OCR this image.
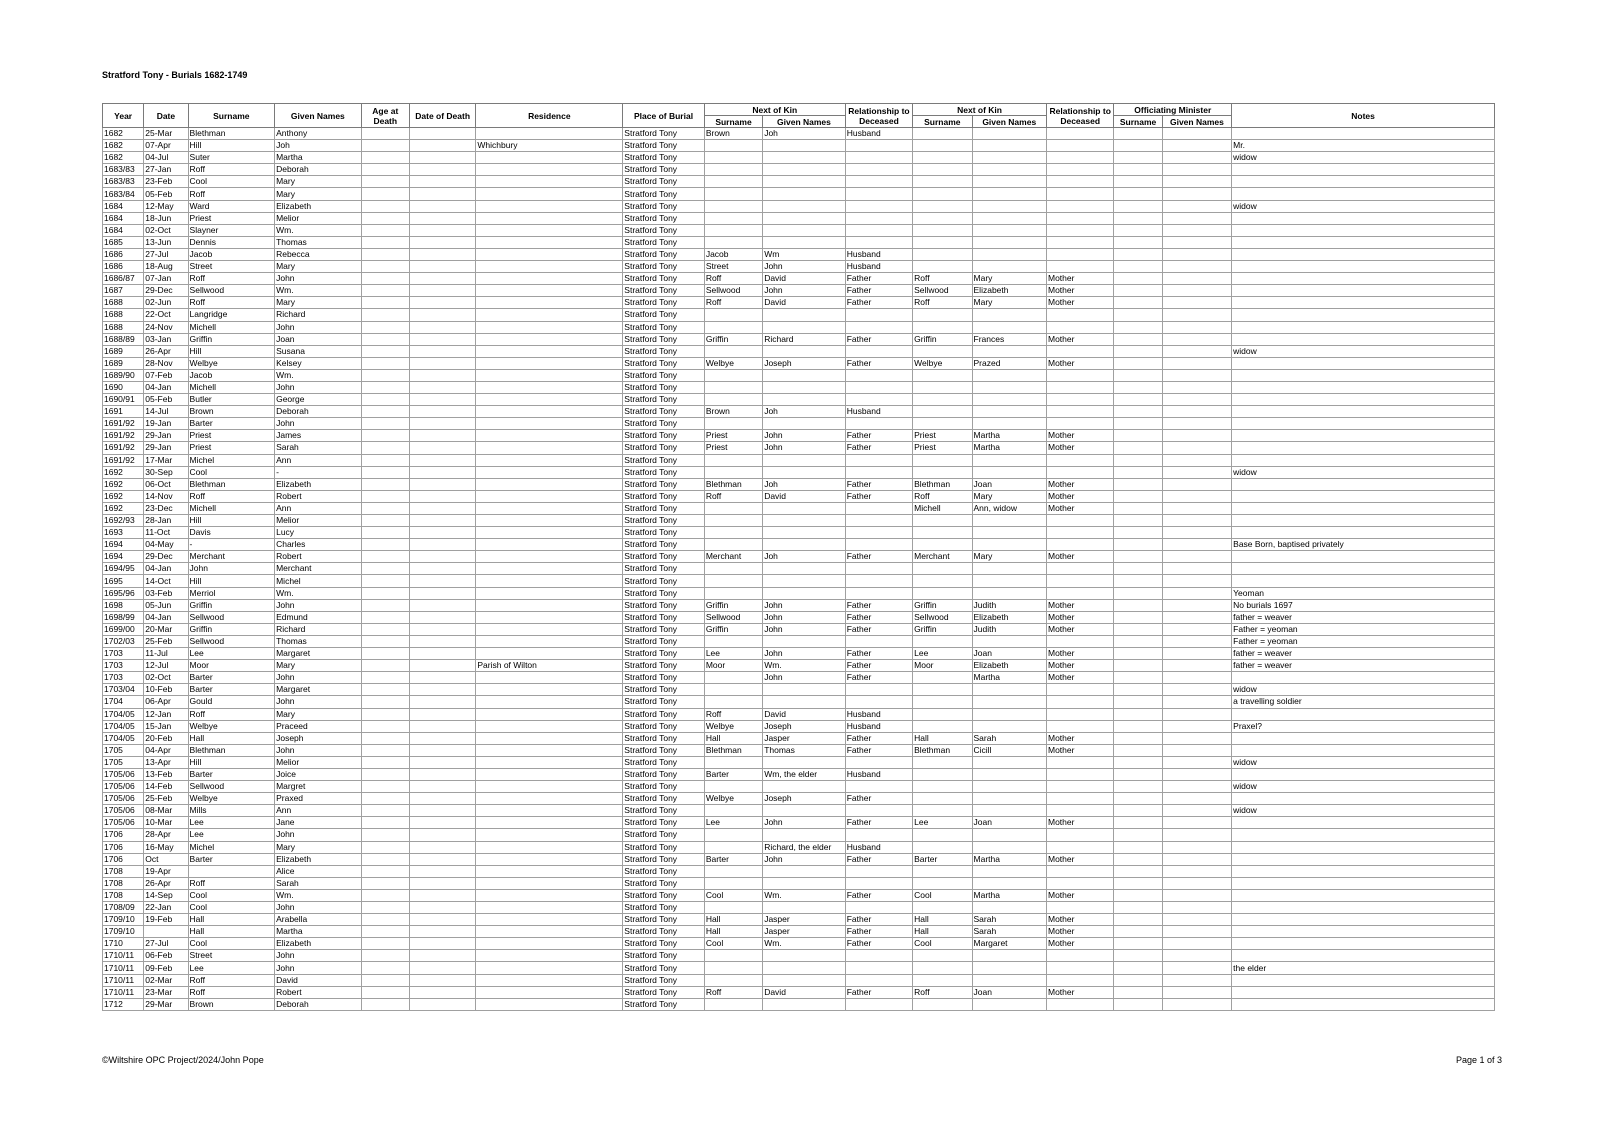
Stratford Tony - Burials 1682-1749
Year	Date	Surname	Given Names	Age at Death	Date of Death	Residence	Place of Burial	Next of Kin		Relationship to Deceased	Next of Kin		Relationship to Deceased	Officiating Minister		Notes
								Surname	Given Names		Surname	Given Names		Surname	Given Names	
1682	25-Mar	Blethman	Anthony				Stratford Tony	Brown	Joh	Husband						
1682	07-Apr	Hill	Joh			Whichbury	Stratford Tony									Mr.
1682	04-Jul	Suter	Martha				Stratford Tony									widow
1683/83	27-Jan	Roff	Deborah				Stratford Tony									
1683/83	23-Feb	Cool	Mary				Stratford Tony									
1683/84	05-Feb	Roff	Mary				Stratford Tony									
1684	12-May	Ward	Elizabeth				Stratford Tony									widow
1684	18-Jun	Priest	Melior				Stratford Tony									
1684	02-Oct	Slayner	Wm.				Stratford Tony									
1685	13-Jun	Dennis	Thomas				Stratford Tony									
1686	27-Jul	Jacob	Rebecca				Stratford Tony	Jacob	Wm	Husband						
1686	18-Aug	Street	Mary				Stratford Tony	Street	John	Husband						
1686/87	07-Jan	Roff	John				Stratford Tony	Roff	David	Father	Roff	Mary	Mother			
1687	29-Dec	Sellwood	Wm.				Stratford Tony	Sellwood	John	Father	Sellwood	Elizabeth	Mother			
1688	02-Jun	Roff	Mary				Stratford Tony	Roff	David	Father	Roff	Mary	Mother			
1688	22-Oct	Langridge	Richard				Stratford Tony									
1688	24-Nov	Michell	John				Stratford Tony									
1688/89	03-Jan	Griffin	Joan				Stratford Tony	Griffin	Richard	Father	Griffin	Frances	Mother			
1689	26-Apr	Hill	Susana				Stratford Tony									widow
1689	28-Nov	Welbye	Kelsey				Stratford Tony	Welbye	Joseph	Father	Welbye	Prazed	Mother			
1689/90	07-Feb	Jacob	Wm.				Stratford Tony									
1690	04-Jan	Michell	John				Stratford Tony									
1690/91	05-Feb	Butler	George				Stratford Tony									
1691	14-Jul	Brown	Deborah				Stratford Tony	Brown	Joh	Husband						
1691/92	19-Jan	Barter	John				Stratford Tony									
1691/92	29-Jan	Priest	James				Stratford Tony	Priest	John	Father	Priest	Martha	Mother			
1691/92	29-Jan	Priest	Sarah				Stratford Tony	Priest	John	Father	Priest	Martha	Mother			
1691/92	17-Mar	Michel	Ann				Stratford Tony									
1692	30-Sep	Cool	-				Stratford Tony									widow
1692	06-Oct	Blethman	Elizabeth				Stratford Tony	Blethman	Joh	Father	Blethman	Joan	Mother			
1692	14-Nov	Roff	Robert				Stratford Tony	Roff	David	Father	Roff	Mary	Mother			
1692	23-Dec	Michell	Ann				Stratford Tony				Michell	Ann, widow	Mother			
1692/93	28-Jan	Hill	Melior				Stratford Tony									
1693	11-Oct	Davis	Lucy				Stratford Tony									
1694	04-May	-	Charles				Stratford Tony									Base Born, baptised privately
1694	29-Dec	Merchant	Robert				Stratford Tony	Merchant	Joh	Father	Merchant	Mary	Mother			
1694/95	04-Jan	John	Merchant				Stratford Tony									
1695	14-Oct	Hill	Michel				Stratford Tony									
1695/96	03-Feb	Merriol	Wm.				Stratford Tony									Yeoman
1698	05-Jun	Griffin	John				Stratford Tony	Griffin	John	Father	Griffin	Judith	Mother			No burials 1697
1698/99	04-Jan	Sellwood	Edmund				Stratford Tony	Sellwood	John	Father	Sellwood	Elizabeth	Mother			father = weaver
1699/00	20-Mar	Griffin	Richard				Stratford Tony	Griffin	John	Father	Griffin	Judith	Mother			Father = yeoman
1702/03	25-Feb	Sellwood	Thomas				Stratford Tony									Father = yeoman
1703	11-Jul	Lee	Margaret				Stratford Tony	Lee	John	Father	Lee	Joan	Mother			father = weaver
1703	12-Jul	Moor	Mary			Parish of Wilton	Stratford Tony	Moor	Wm.	Father	Moor	Elizabeth	Mother			father = weaver
1703	02-Oct	Barter	John				Stratford Tony		John	Father		Martha	Mother			
1703/04	10-Feb	Barter	Margaret				Stratford Tony									widow
1704	06-Apr	Gould	John				Stratford Tony									a travelling soldier
1704/05	12-Jan	Roff	Mary				Stratford Tony	Roff	David	Husband						
1704/05	15-Jan	Welbye	Praceed				Stratford Tony	Welbye	Joseph	Husband						Praxel?
1704/05	20-Feb	Hall	Joseph				Stratford Tony	Hall	Jasper	Father	Hall	Sarah	Mother			
1705	04-Apr	Blethman	John				Stratford Tony	Blethman	Thomas	Father	Blethman	Cicill	Mother			
1705	13-Apr	Hill	Melior				Stratford Tony									widow
1705/06	13-Feb	Barter	Joice				Stratford Tony	Barter	Wm, the elder	Husband						
1705/06	14-Feb	Sellwood	Margret				Stratford Tony									widow
1705/06	25-Feb	Welbye	Praxed				Stratford Tony	Welbye	Joseph	Father						
1705/06	08-Mar	Mills	Ann				Stratford Tony									widow
1705/06	10-Mar	Lee	Jane				Stratford Tony	Lee	John	Father	Lee	Joan	Mother			
1706	28-Apr	Lee	John				Stratford Tony									
1706	16-May	Michel	Mary				Stratford Tony		Richard, the elder	Husband						
1706	Oct	Barter	Elizabeth				Stratford Tony	Barter	John	Father	Barter	Martha	Mother			
1708	19-Apr		Alice				Stratford Tony									
1708	26-Apr	Roff	Sarah				Stratford Tony									
1708	14-Sep	Cool	Wm.				Stratford Tony	Cool	Wm.	Father	Cool	Martha	Mother			
1708/09	22-Jan	Cool	John				Stratford Tony									
1709/10	19-Feb	Hall	Arabella				Stratford Tony	Hall	Jasper	Father	Hall	Sarah	Mother			
1709/10		Hall	Martha				Stratford Tony	Hall	Jasper	Father	Hall	Sarah	Mother			
1710	27-Jul	Cool	Elizabeth				Stratford Tony	Cool	Wm.	Father	Cool	Margaret	Mother			
1710/11	06-Feb	Street	John				Stratford Tony									
1710/11	09-Feb	Lee	John				Stratford Tony									the elder
1710/11	02-Mar	Roff	David				Stratford Tony									
1710/11	23-Mar	Roff	Robert				Stratford Tony	Roff	David	Father	Roff	Joan	Mother			
1712	29-Mar	Brown	Deborah				Stratford Tony									
©Wiltshire OPC Project/2024/John Pope	Page 1 of 3
